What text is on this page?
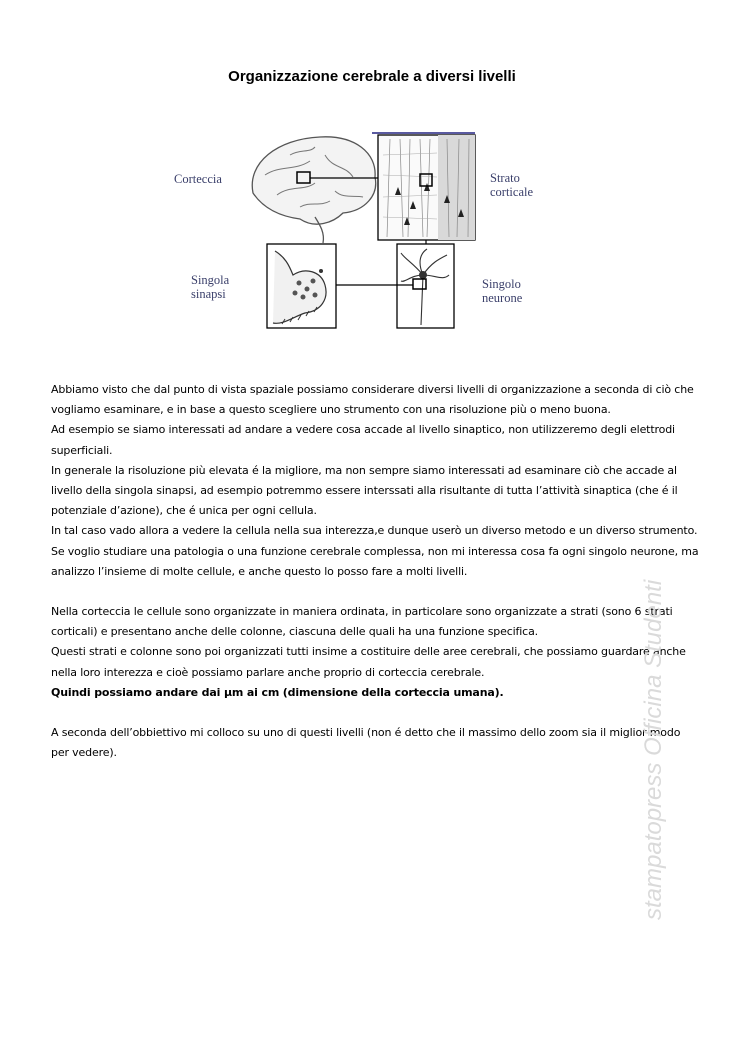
Organizzazione cerebrale a diversi livelli
Corteccia	Strato
corticale
Singola
sinapsi
Singolo
neurone

Abbiamo visto che dal punto di vista spaziale possiamo considerare diversi livelli di organizzazione a seconda di ciò che vogliamo esaminare, e in base a questo scegliere uno strumento con una risoluzione più o meno buona.

Ad esempio se siamo interessati ad andare a vedere cosa accade al livello sinaptico, non utilizzeremo degli elettrodi superficiali.

In generale la risoluzione più elevata é la migliore, ma non sempre siamo interessati ad esaminare ciò che accade al livello della singola sinapsi, ad esempio potremmo essere interssati alla risultante di tutta l’attività sinaptica (che é il potenziale d’azione), che é unica per ogni cellula.

In tal caso vado allora a vedere la cellula nella sua interezza,e dunque userò un diverso metodo e un diverso strumento.

Se voglio studiare una patologia o una funzione cerebrale complessa, non mi interessa cosa fa ogni singolo neurone, ma analizzo l’insieme di molte cellule, e anche questo lo posso fare a molti livelli.

Nella corteccia le cellule sono organizzate in maniera ordinata, in particolare sono organizzate a strati (sono 6 strati corticali) e presentano anche delle colonne, ciascuna delle quali ha una funzione specifica.

Questi strati e colonne sono poi organizzati tutti insime a costituire delle aree cerebrali, che possiamo guardare anche nella loro interezza e cioè possiamo parlare anche proprio di corteccia cerebrale.

Quindi possiamo andare dai µm ai cm (dimensione della corteccia umana).

A seconda dell’obbiettivo mi colloco su uno di questi livelli (non é detto che il massimo dello zoom sia il miglior modo per vedere).	stampatopress Officina Studenti
